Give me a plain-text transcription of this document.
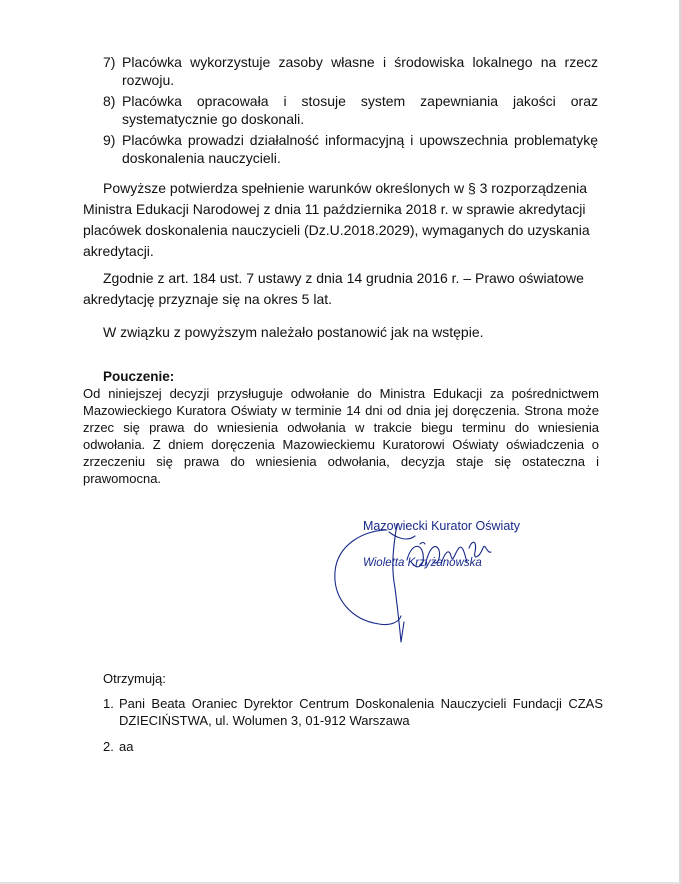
7) Placówka wykorzystuje zasoby własne i środowiska lokalnego na rzecz rozwoju.
8) Placówka opracowała i stosuje system zapewniania jakości oraz systematycznie go doskonali.
9) Placówka prowadzi działalność informacyjną i upowszechnia problematykę doskonalenia nauczycieli.

Powyższe potwierdza spełnienie warunków określonych w § 3 rozporządzenia Ministra Edukacji Narodowej z dnia 11 października 2018 r. w sprawie akredytacji placówek doskonalenia nauczycieli (Dz.U.2018.2029), wymaganych do uzyskania akredytacji.

Zgodnie z art. 184 ust. 7 ustawy z dnia 14 grudnia 2016 r. – Prawo oświatowe akredytację przyznaje się na okres 5 lat.

W związku z powyższym należało postanowić jak na wstępie.

Pouczenie:

Od niniejszej decyzji przysługuje odwołanie do Ministra Edukacji za pośrednictwem Mazowieckiego Kuratora Oświaty w terminie 14 dni od dnia jej doręczenia. Strona może zrzec się prawa do wniesienia odwołania w trakcie biegu terminu do wniesienia odwołania. Z dniem doręczenia Mazowieckiemu Kuratorowi Oświaty oświadczenia o zrzeczeniu się prawa do wniesienia odwołania, decyzja staje się ostateczna i prawomocna.

Mazowiecki Kurator Oświaty
Wioletta Krzyżanowska

Otrzymują:

1. Pani Beata Oraniec Dyrektor Centrum Doskonalenia Nauczycieli Fundacji CZAS DZIECIŃSTWA, ul. Wolumen 3, 01-912 Warszawa
2. aa
